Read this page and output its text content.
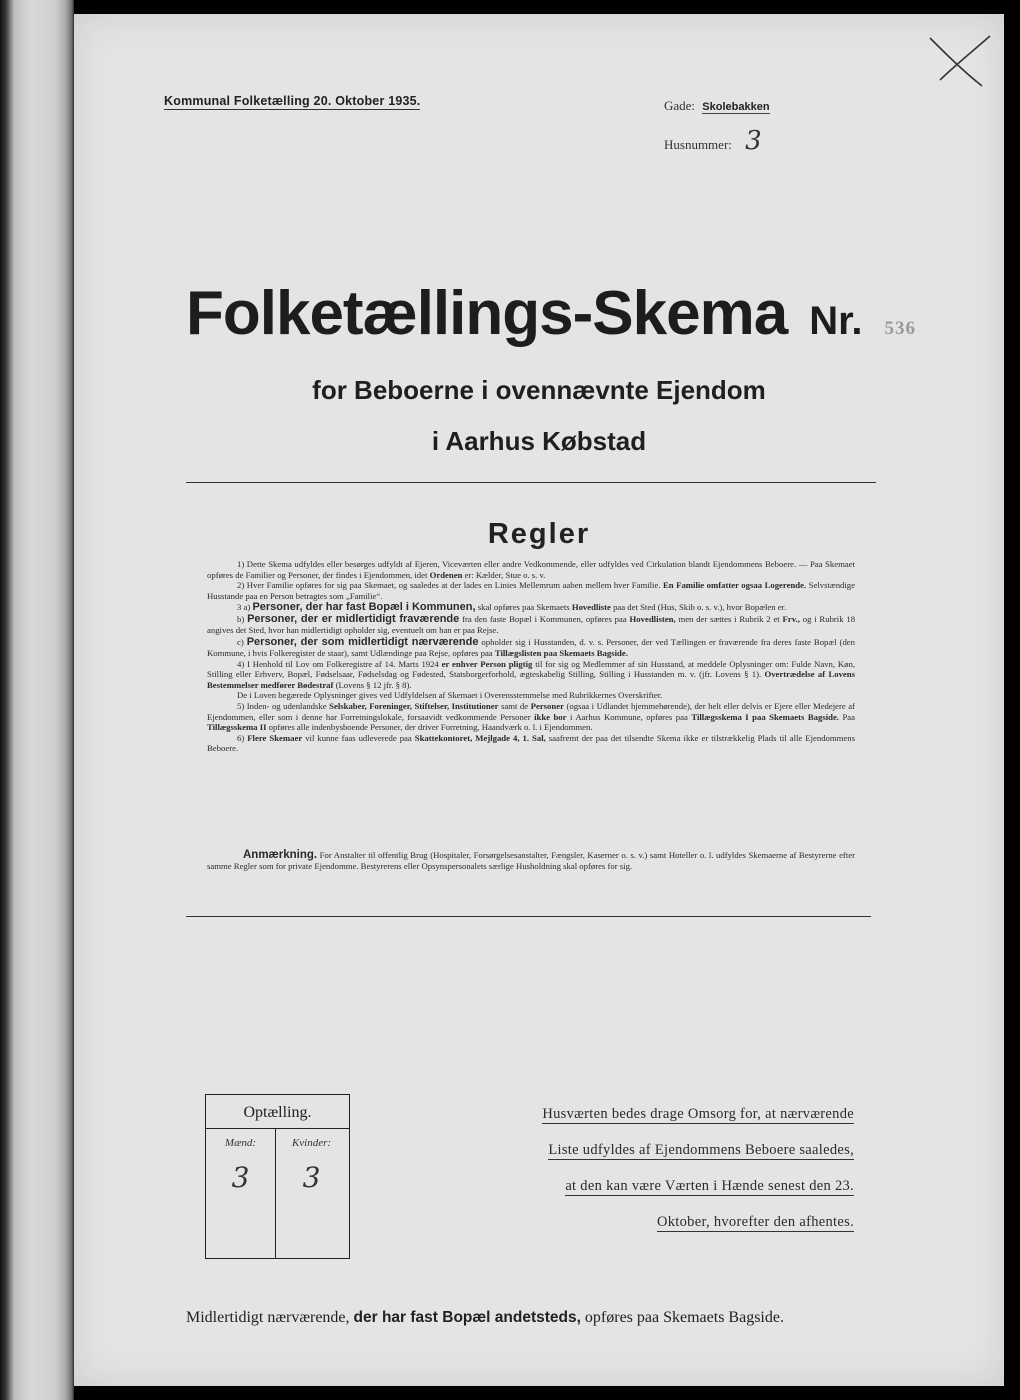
Kommunal Folketælling 20. Oktober 1935.	Gade: Skolebakken
Husnummer: 3
Folketællings-Skema Nr. 536
for Beboerne i ovennævnte Ejendom
i Aarhus Købstad
Regler

1) Dette Skema udfyldes eller besørges udfyldt af Ejeren, Viceværten eller andre Vedkommende, eller udfyldes ved Cirkulation blandt Ejendommens Beboere. — Paa Skemaet opføres de Familier og Personer, der findes i Ejendommen, idet Ordenen er: Kælder, Stue o. s. v.

2) Hver Familie opføres for sig paa Skemaet, og saaledes at der lades en Linies Mellemrum aaben mellem hver Familie. En Familie omfatter ogsaa Logerende. Selvstændige Husstande paa en Person betragtes som „Familie“.

3 a) Personer, der har fast Bopæl i Kommunen, skal opføres paa Skemaets Hovedliste paa det Sted (Hus, Skib o. s. v.), hvor Bopælen er.

b) Personer, der er midlertidigt fraværende fra den faste Bopæl i Kommunen, opføres paa Hovedlisten, men der sættes i Rubrik 2 et Frv., og i Rubrik 18 angives det Sted, hvor han midlertidigt opholder sig, eventuelt om han er paa Rejse.

c) Personer, der som midlertidigt nærværende opholder sig i Husstanden, d. v. s. Personer, der ved Tællingen er fraværende fra deres faste Bopæl (den Kommune, i hvis Folkeregister de staar), samt Udlændinge paa Rejse, opføres paa Tillægslisten paa Skemaets Bagside.

4) I Henhold til Lov om Folkeregistre af 14. Marts 1924 er enhver Person pligtig til for sig og Medlemmer af sin Husstand, at meddele Oplysninger om: Fulde Navn, Køn, Stilling eller Erhverv, Bopæl, Fødselsaar, Fødselsdag og Fødested, Statsborgerforhold, ægteskabelig Stilling, Stilling i Husstanden m. v. (jfr. Lovens § 1). Overtrædelse af Lovens Bestemmelser medfører Bødestraf (Lovens § 12 jfr. § 8).

De i Loven begærede Oplysninger gives ved Udfyldelsen af Skemaet i Overensstemmelse med Rubrikkernes Overskrifter.

5) Inden- og udenlandske Selskaber, Foreninger, Stiftelser, Institutioner samt de Personer (ogsaa i Udlandet hjemmehørende), der helt eller delvis er Ejere eller Medejere af Ejendommen, eller som i denne har Forretningslokale, forsaavidt vedkommende Personer ikke bor i Aarhus Kommune, opføres paa Tillægsskema I paa Skemaets Bagside. Paa Tillægsskema II opføres alle indenbysboende Personer, der driver Forretning, Haandværk o. l. i Ejendommen.

6) Flere Skemaer vil kunne faas udleverede paa Skattekontoret, Mejlgade 4, 1. Sal, saafremt der paa det tilsendte Skema ikke er tilstrækkelig Plads til alle Ejendommens Beboere.

Anmærkning. For Anstalter til offentlig Brug (Hospitaler, Forsørgelsesanstalter, Fængsler, Kaserner o. s. v.) samt Hoteller o. l. udfyldes Skemaerne af Bestyrerne efter samme Regler som for private Ejendomme. Bestyrerens eller Opsynspersonalets særlige Husholdning skal opføres for sig.
Optælling.
Mænd:	Kvinder:
3	3
Husværten bedes drage Omsorg for, at nærværende
Liste udfyldes af Ejendommens Beboere saaledes,
at den kan være Værten i Hænde senest den 23.
Oktober, hvorefter den afhentes.
Midlertidigt nærværende, der har fast Bopæl andetsteds, opføres paa Skemaets Bagside.
